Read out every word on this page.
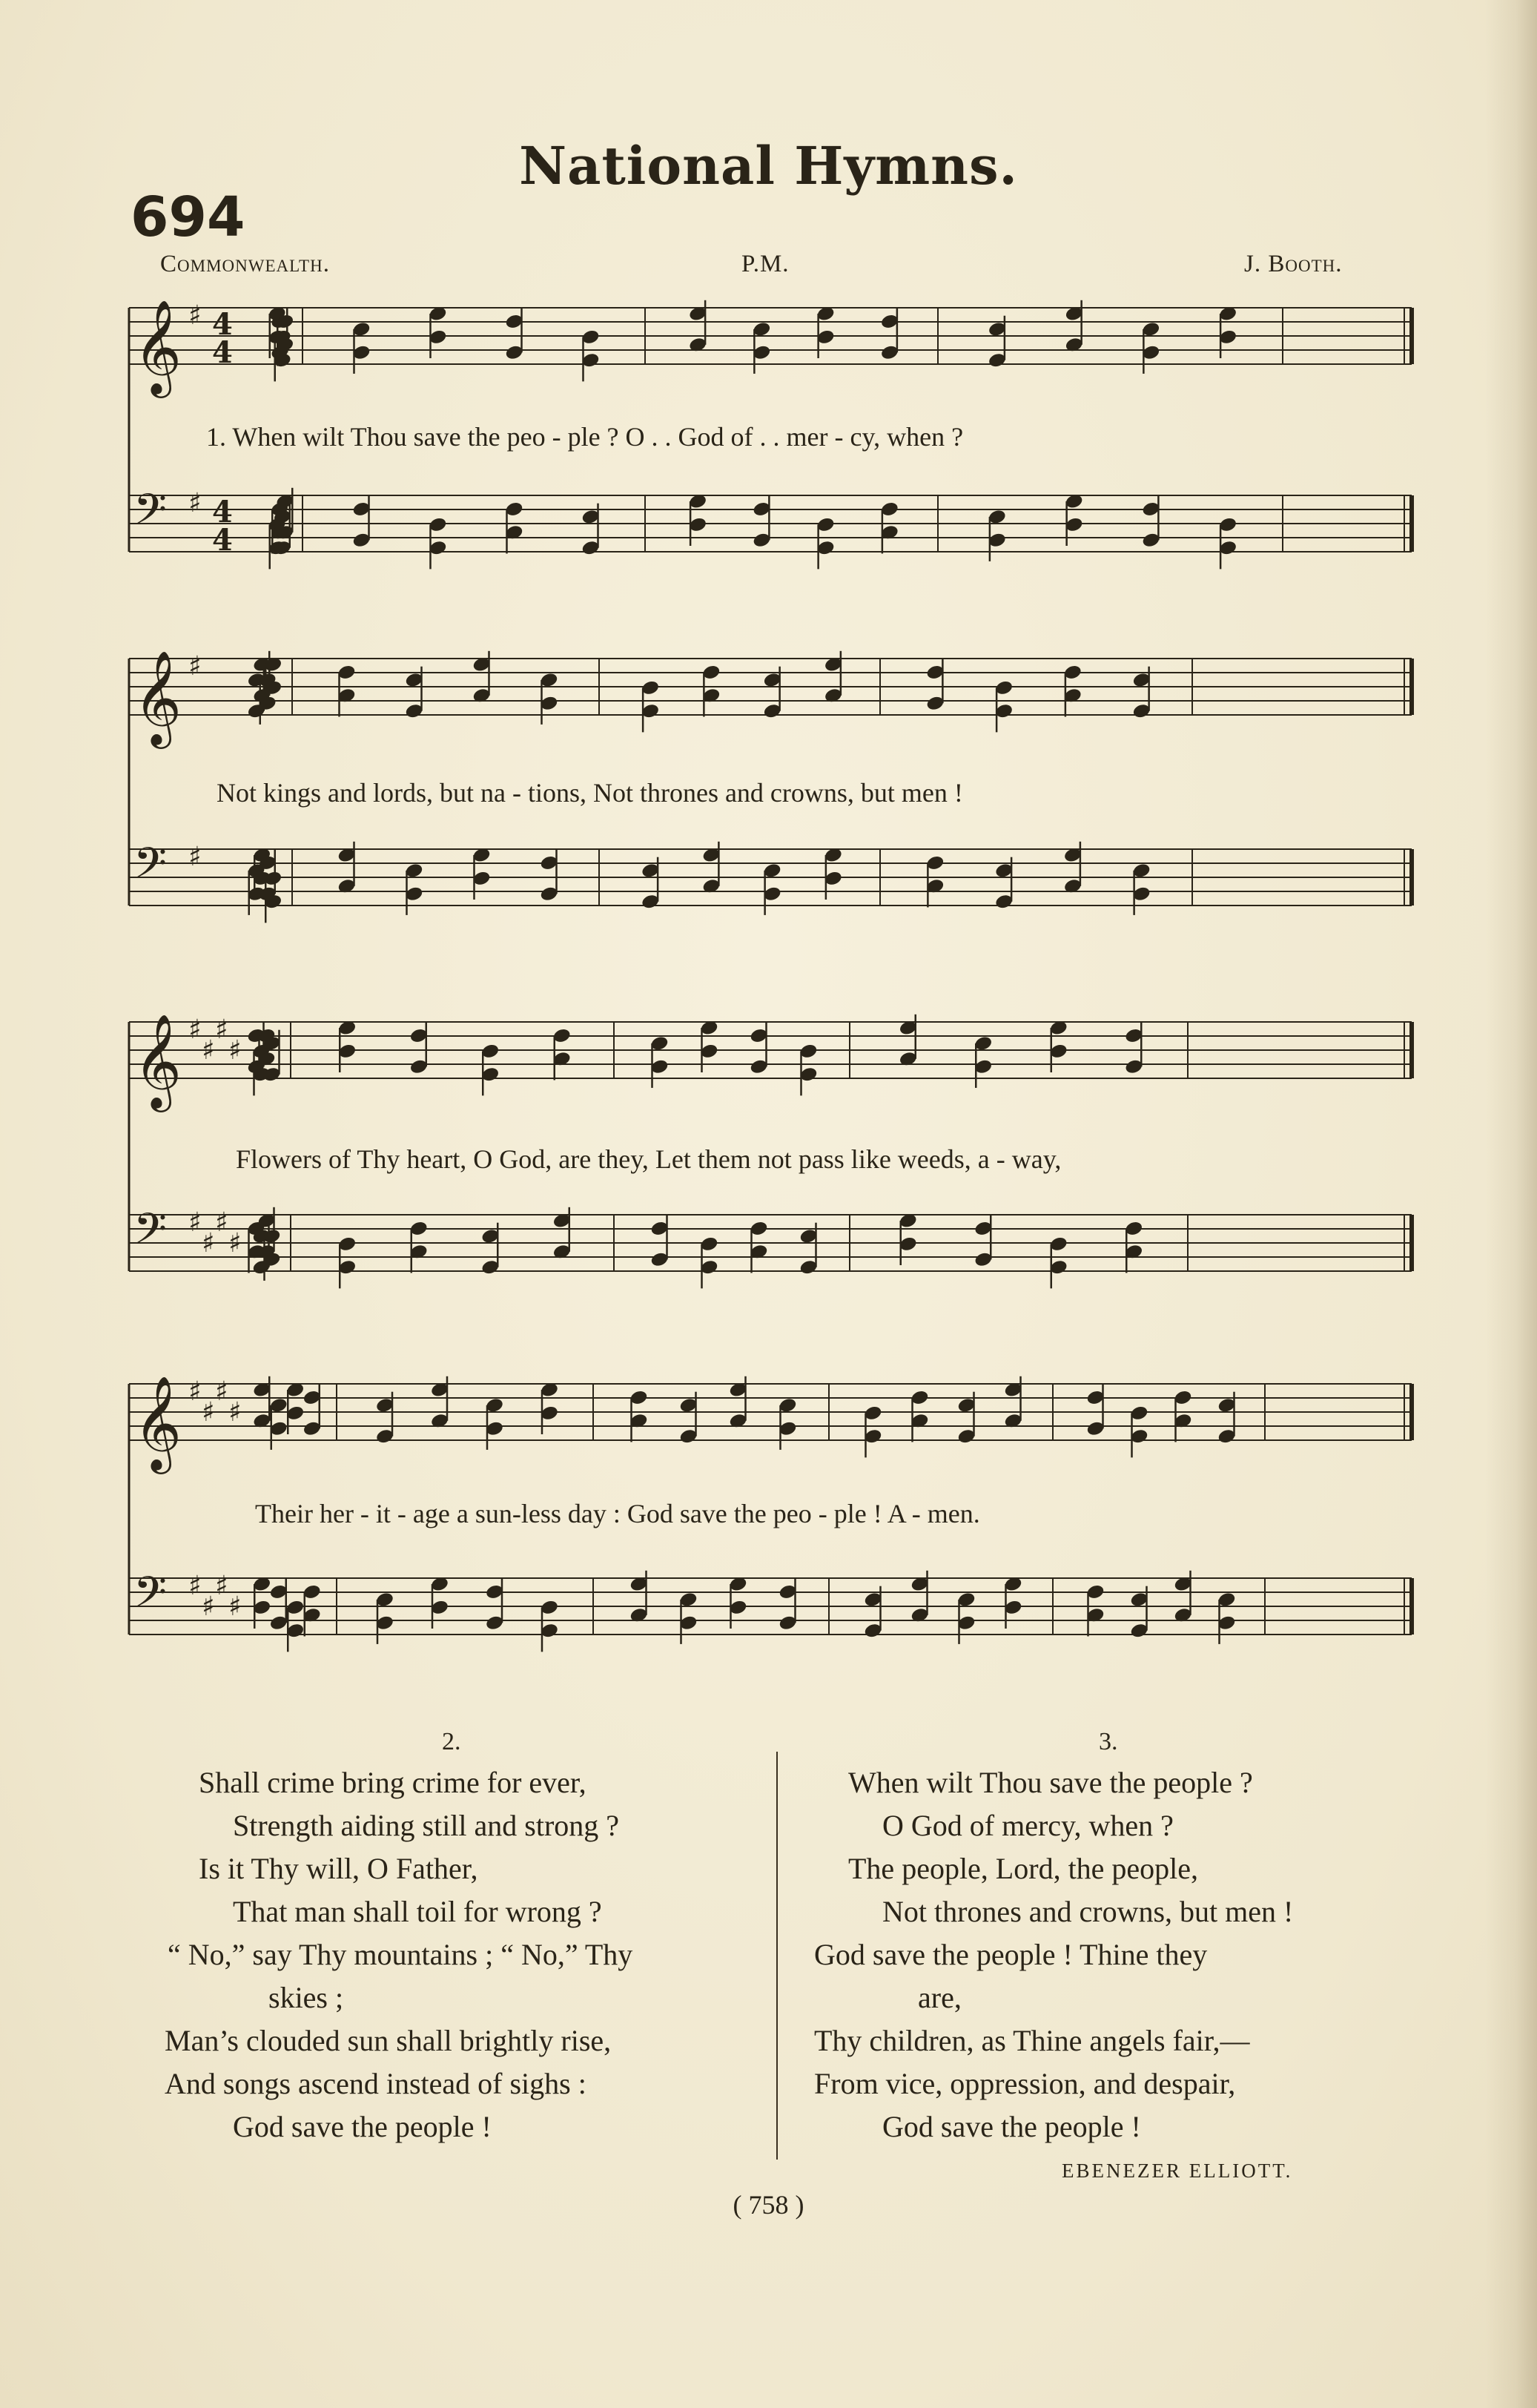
National Hymns.
694
Commonwealth.	P.M.	J. Booth.
𝄞 ♯ 4
4
𝄢 ♯ 4
4
𝄞 ♯
𝄢 ♯
𝄞 ♯
♯
♯
♯
𝄢 ♯
♯
♯
♯
𝄞 ♯
♯
♯
♯
𝄢 ♯
♯
♯
♯
1. When wilt Thou save the peo - ple ? O . . God of . . mer - cy, when ?
Not kings and lords, but na - tions, Not thrones and crowns, but men !
Flowers of Thy heart, O God, are they, Let them not pass like weeds, a - way,
Their her - it - age a sun-less day : God save the peo - ple ! A - men.
2.	3.
Shall crime bring crime for ever,
Strength aiding still and strong ?
Is it Thy will, O Father,
That man shall toil for wrong ?
“ No,” say Thy mountains ; “ No,” Thy
skies ;
Man’s clouded sun shall brightly rise,
And songs ascend instead of sighs :
God save the people !
When wilt Thou save the people ?
O God of mercy, when ?
The people, Lord, the people,
Not thrones and crowns, but men !
God save the people ! Thine they
are,
Thy children, as Thine angels fair,—
From vice, oppression, and despair,
God save the people !
EBENEZER ELLIOTT.
( 758 )
